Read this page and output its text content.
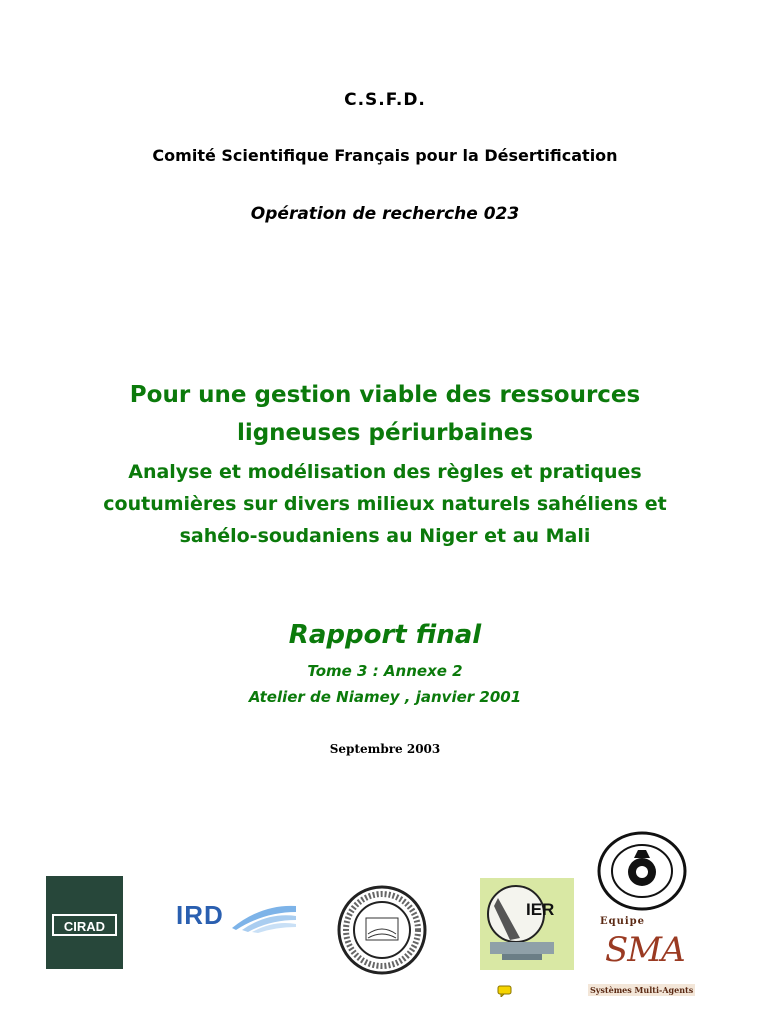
C.S.F.D.
Comité Scientifique Français pour la Désertification
Opération de recherche 023
Pour une gestion viable des ressources
ligneuses périurbaines
Analyse et modélisation des règles et pratiques
coutumières sur divers milieux naturels sahéliens et
sahélo-soudaniens au Niger et au Mali
Rapport final
Tome 3 : Annexe 2
Atelier de Niamey , janvier 2001
Septembre 2003
CIRAD	IRD	IER
Equipe
SMA
Systèmes Multi-Agents
